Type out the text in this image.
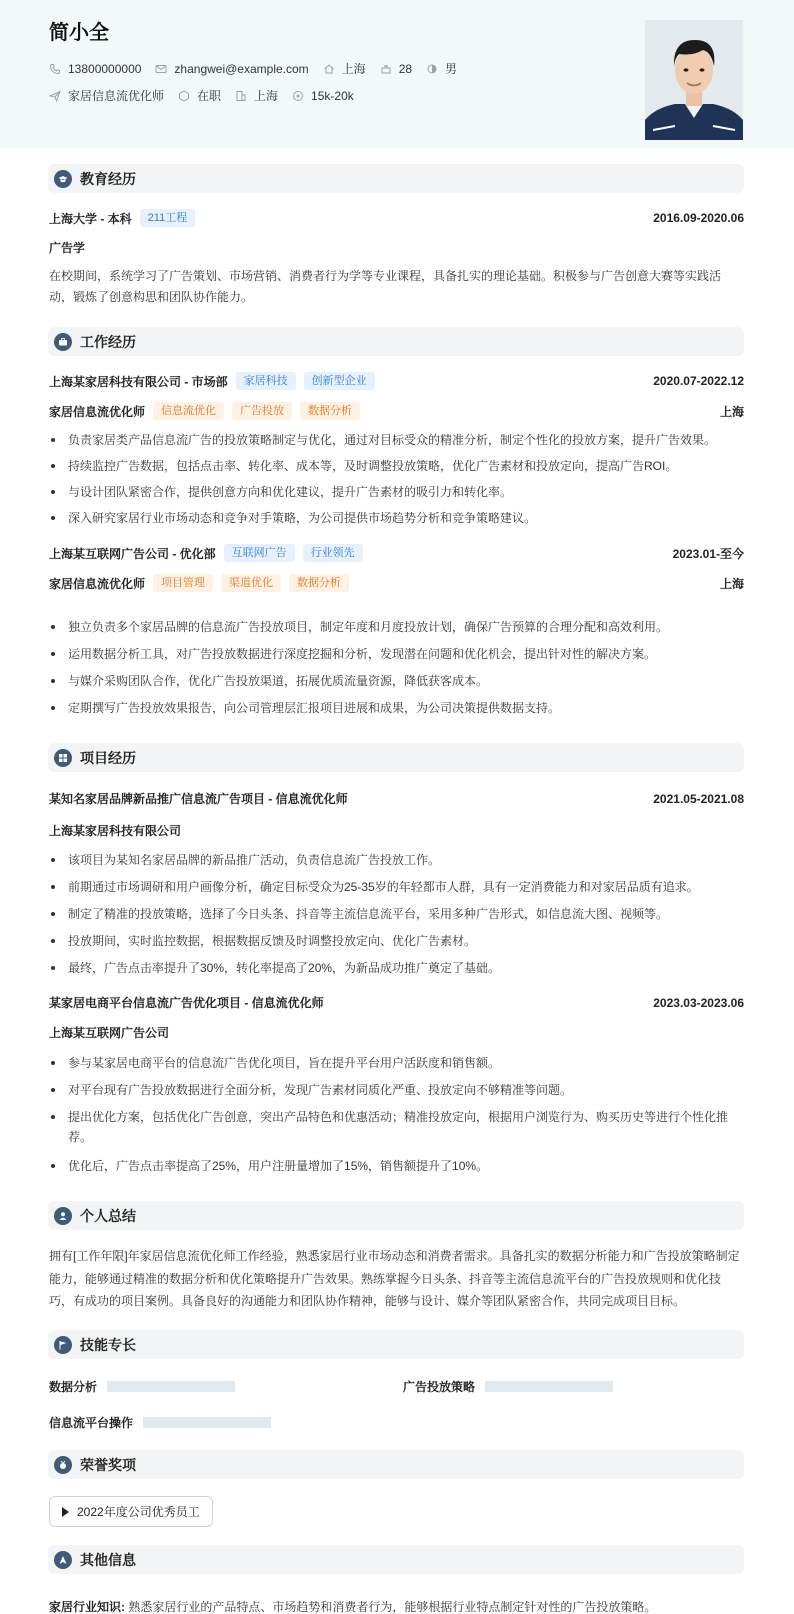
简小全
13800000000	zhangwei@example.com	上海	28	男
家居信息流优化师	在职	上海	15k-20k
教育经历
上海大学 - 本科	211工程	2016.09-2020.06
广告学
在校期间，系统学习了广告策划、市场营销、消费者行为学等专业课程，具备扎实的理论基础。积极参与广告创意大赛等实践活动，锻炼了创意构思和团队协作能力。
工作经历
上海某家居科技有限公司 - 市场部	家居科技	创新型企业	2020.07-2022.12
家居信息流优化师	信息流优化	广告投放	数据分析	上海
负责家居类产品信息流广告的投放策略制定与优化，通过对目标受众的精准分析，制定个性化的投放方案，提升广告效果。
持续监控广告数据，包括点击率、转化率、成本等，及时调整投放策略，优化广告素材和投放定向，提高广告ROI。
与设计团队紧密合作，提供创意方向和优化建议，提升广告素材的吸引力和转化率。
深入研究家居行业市场动态和竞争对手策略，为公司提供市场趋势分析和竞争策略建议。
上海某互联网广告公司 - 优化部	互联网广告	行业领先	2023.01-至今
家居信息流优化师	项目管理	渠道优化	数据分析	上海
独立负责多个家居品牌的信息流广告投放项目，制定年度和月度投放计划，确保广告预算的合理分配和高效利用。
运用数据分析工具，对广告投放数据进行深度挖掘和分析，发现潜在问题和优化机会，提出针对性的解决方案。
与媒介采购团队合作，优化广告投放渠道，拓展优质流量资源，降低获客成本。
定期撰写广告投放效果报告，向公司管理层汇报项目进展和成果，为公司决策提供数据支持。
项目经历
某知名家居品牌新品推广信息流广告项目 - 信息流优化师	2021.05-2021.08
上海某家居科技有限公司
该项目为某知名家居品牌的新品推广活动，负责信息流广告投放工作。
前期通过市场调研和用户画像分析，确定目标受众为25-35岁的年轻都市人群，具有一定消费能力和对家居品质有追求。
制定了精准的投放策略，选择了今日头条、抖音等主流信息流平台，采用多种广告形式，如信息流大图、视频等。
投放期间，实时监控数据，根据数据反馈及时调整投放定向、优化广告素材。
最终，广告点击率提升了30%，转化率提高了20%，为新品成功推广奠定了基础。
某家居电商平台信息流广告优化项目 - 信息流优化师	2023.03-2023.06
上海某互联网广告公司
参与某家居电商平台的信息流广告优化项目，旨在提升平台用户活跃度和销售额。
对平台现有广告投放数据进行全面分析，发现广告素材同质化严重、投放定向不够精准等问题。
提出优化方案，包括优化广告创意，突出产品特色和优惠活动；精准投放定向，根据用户浏览行为、购买历史等进行个性化推荐。
优化后，广告点击率提高了25%，用户注册量增加了15%，销售额提升了10%。
个人总结
拥有[工作年限]年家居信息流优化师工作经验，熟悉家居行业市场动态和消费者需求。具备扎实的数据分析能力和广告投放策略制定能力，能够通过精准的数据分析和优化策略提升广告效果。熟练掌握今日头条、抖音等主流信息流平台的广告投放规则和优化技巧，有成功的项目案例。具备良好的沟通能力和团队协作精神，能够与设计、媒介等团队紧密合作，共同完成项目目标。
技能专长
数据分析	广告投放策略
信息流平台操作
荣誉奖项
2022年度公司优秀员工
其他信息
家居行业知识: 熟悉家居行业的产品特点、市场趋势和消费者行为，能够根据行业特点制定针对性的广告投放策略。
